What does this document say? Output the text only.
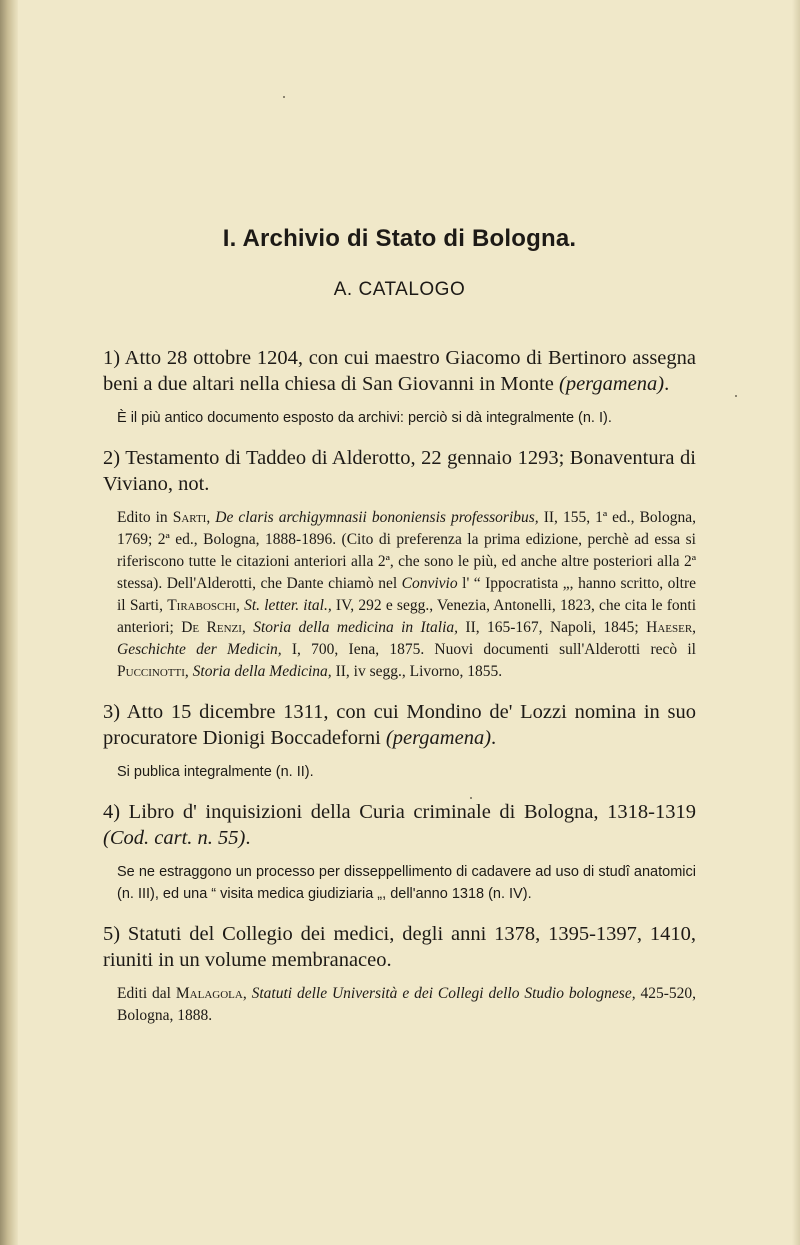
I. Archivio di Stato di Bologna.
A. CATALOGO

1) Atto 28 ottobre 1204, con cui maestro Giacomo di Bertinoro assegna beni a due altari nella chiesa di San Giovanni in Monte (pergamena).

È il più antico documento esposto da archivi: perciò si dà integralmente (n. I).

2) Testamento di Taddeo di Alderotto, 22 gennaio 1293; Bonaventura di Viviano, not.

Edito in Sarti, De claris archigymnasii bononiensis professoribus, II, 155, 1ª ed., Bologna, 1769; 2ª ed., Bologna, 1888-1896. (Cito di preferenza la prima edizione, perchè ad essa si riferiscono tutte le citazioni anteriori alla 2ª, che sono le più, ed anche altre posteriori alla 2ª stessa). Dell'Alderotti, che Dante chiamò nel Convivio l' “ Ippocratista „, hanno scritto, oltre il Sarti, Tiraboschi, St. letter. ital., IV, 292 e segg., Venezia, Antonelli, 1823, che cita le fonti anteriori; De Renzi, Storia della medicina in Italia, II, 165-167, Napoli, 1845; Haeser, Geschichte der Medicin, I, 700, Iena, 1875. Nuovi documenti sull'Alderotti recò il Puccinotti, Storia della Medicina, II, iv segg., Livorno, 1855.

3) Atto 15 dicembre 1311, con cui Mondino de' Lozzi nomina in suo procuratore Dionigi Boccadeforni (pergamena).

Si publica integralmente (n. II).

4) Libro d' inquisizioni della Curia criminale di Bologna, 1318-1319 (Cod. cart. n. 55).

Se ne estraggono un processo per disseppellimento di cadavere ad uso di studî anatomici (n. III), ed una “ visita medica giudiziaria „, dell'anno 1318 (n. IV).

5) Statuti del Collegio dei medici, degli anni 1378, 1395-1397, 1410, riuniti in un volume membranaceo.

Editi dal Malagola, Statuti delle Università e dei Collegi dello Studio bolognese, 425-520, Bologna, 1888.
